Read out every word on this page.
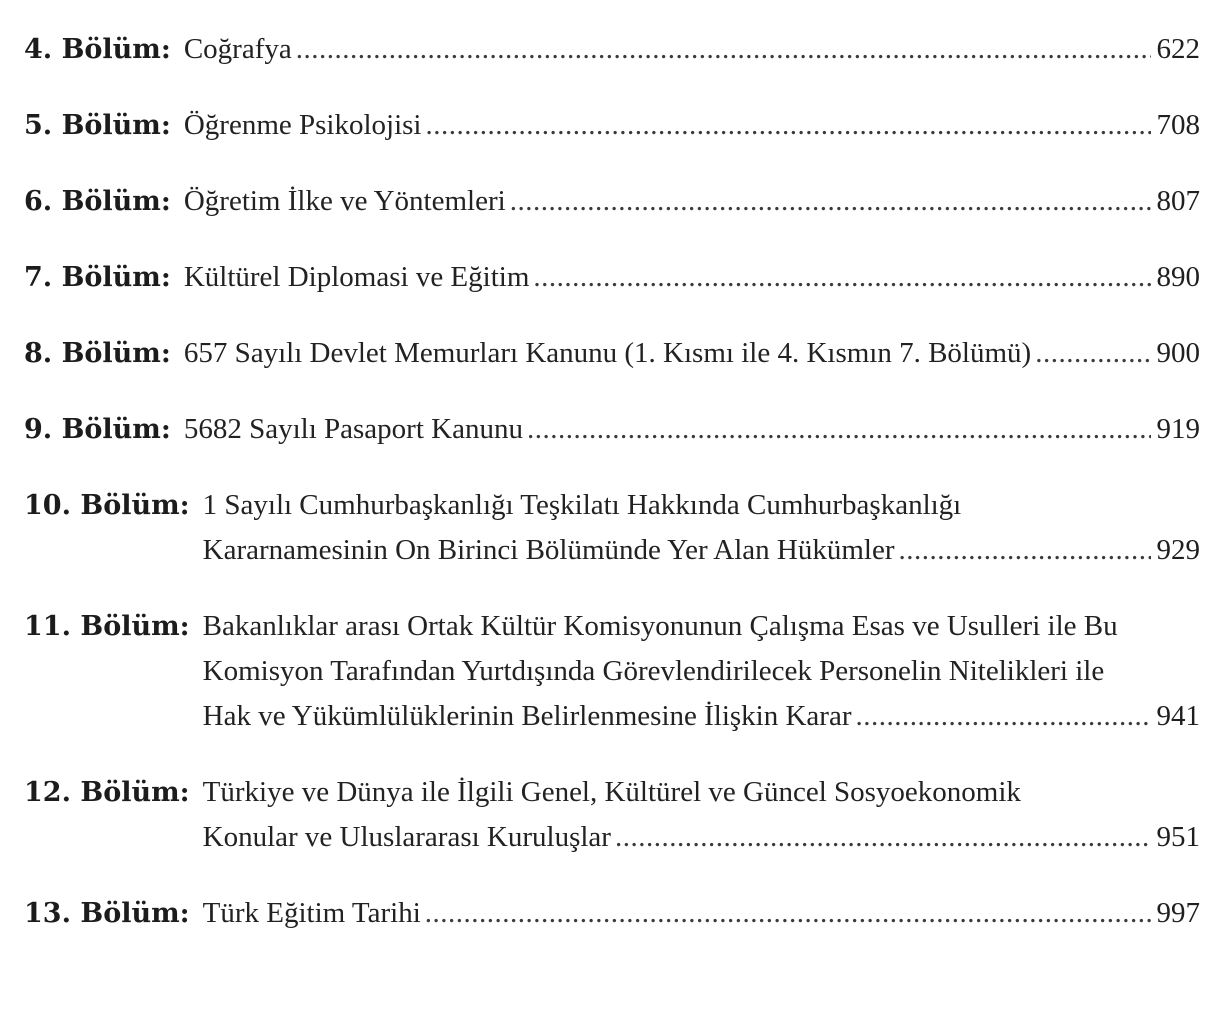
4. Bölüm: Coğrafya .....	622
5. Bölüm: Öğrenme Psikolojisi .....	708
6. Bölüm: Öğretim İlke ve Yöntemleri .....	807
7. Bölüm: Kültürel Diplomasi ve Eğitim .....	890
8. Bölüm: 657 Sayılı Devlet Memurları Kanunu (1. Kısmı ile 4. Kısmın 7. Bölümü) .....	900
9. Bölüm: 5682 Sayılı Pasaport Kanunu .....	919
10. Bölüm: 1 Sayılı Cumhurbaşkanlığı Teşkilatı Hakkında Cumhurbaşkanlığı
Kararnamesinin On Birinci Bölümünde Yer Alan Hükümler .....	929
11. Bölüm: Bakanlıklar arası Ortak Kültür Komisyonunun Çalışma Esas ve Usulleri ile Bu
Komisyon Tarafından Yurtdışında Görevlendirilecek Personelin Nitelikleri ile
Hak ve Yükümlülüklerinin Belirlenmesine İlişkin Karar .....	941
12. Bölüm: Türkiye ve Dünya ile İlgili Genel, Kültürel ve Güncel Sosyoekonomik
Konular ve Uluslararası Kuruluşlar .....	951
13. Bölüm: Türk Eğitim Tarihi .....	997
